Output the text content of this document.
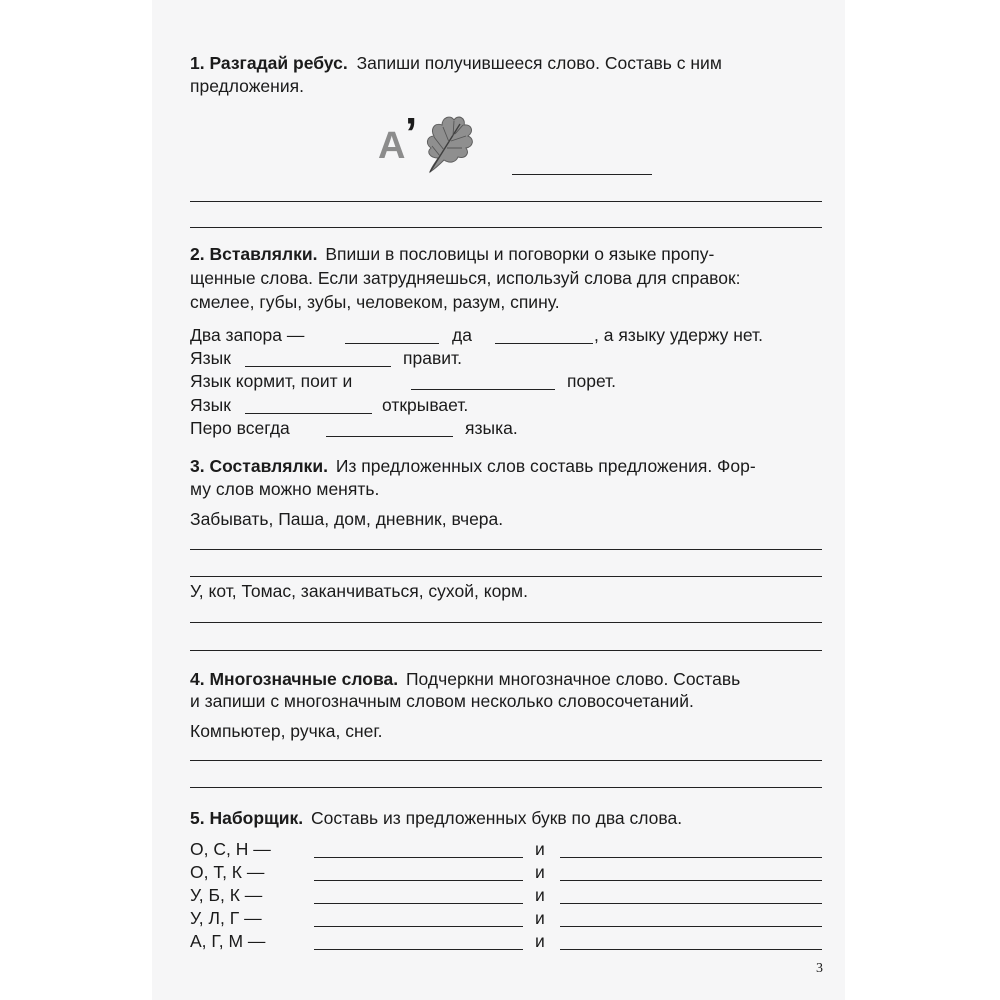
1. Разгадай ребус. Запиши получившееся слово. Составь с ним
предложения.
А ’
2. Вставлялки. Впиши в пословицы и поговорки о языке пропу-
щенные слова. Если затрудняешься, используй слова для справок:
смелее, губы, зубы, человеком, разум, спину.
Два запора —	да	, а языку удержу нет.
Язык	правит.
Язык кормит, поит и	порет.
Язык	открывает.
Перо всегда	языка.
3. Составлялки. Из предложенных слов составь предложения. Фор-
му слов можно менять.
Забывать, Паша, дом, дневник, вчера.
У, кот, Томас, заканчиваться, сухой, корм.
4. Многозначные слова. Подчеркни многозначное слово. Составь
и запиши с многозначным словом несколько словосочетаний.
Компьютер, ручка, снег.
5. Наборщик. Составь из предложенных букв по два слова.
О, С, Н —	и
О, Т, К —	и
У, Б, К —	и
У, Л, Г —	и
А, Г, М —	и
3
